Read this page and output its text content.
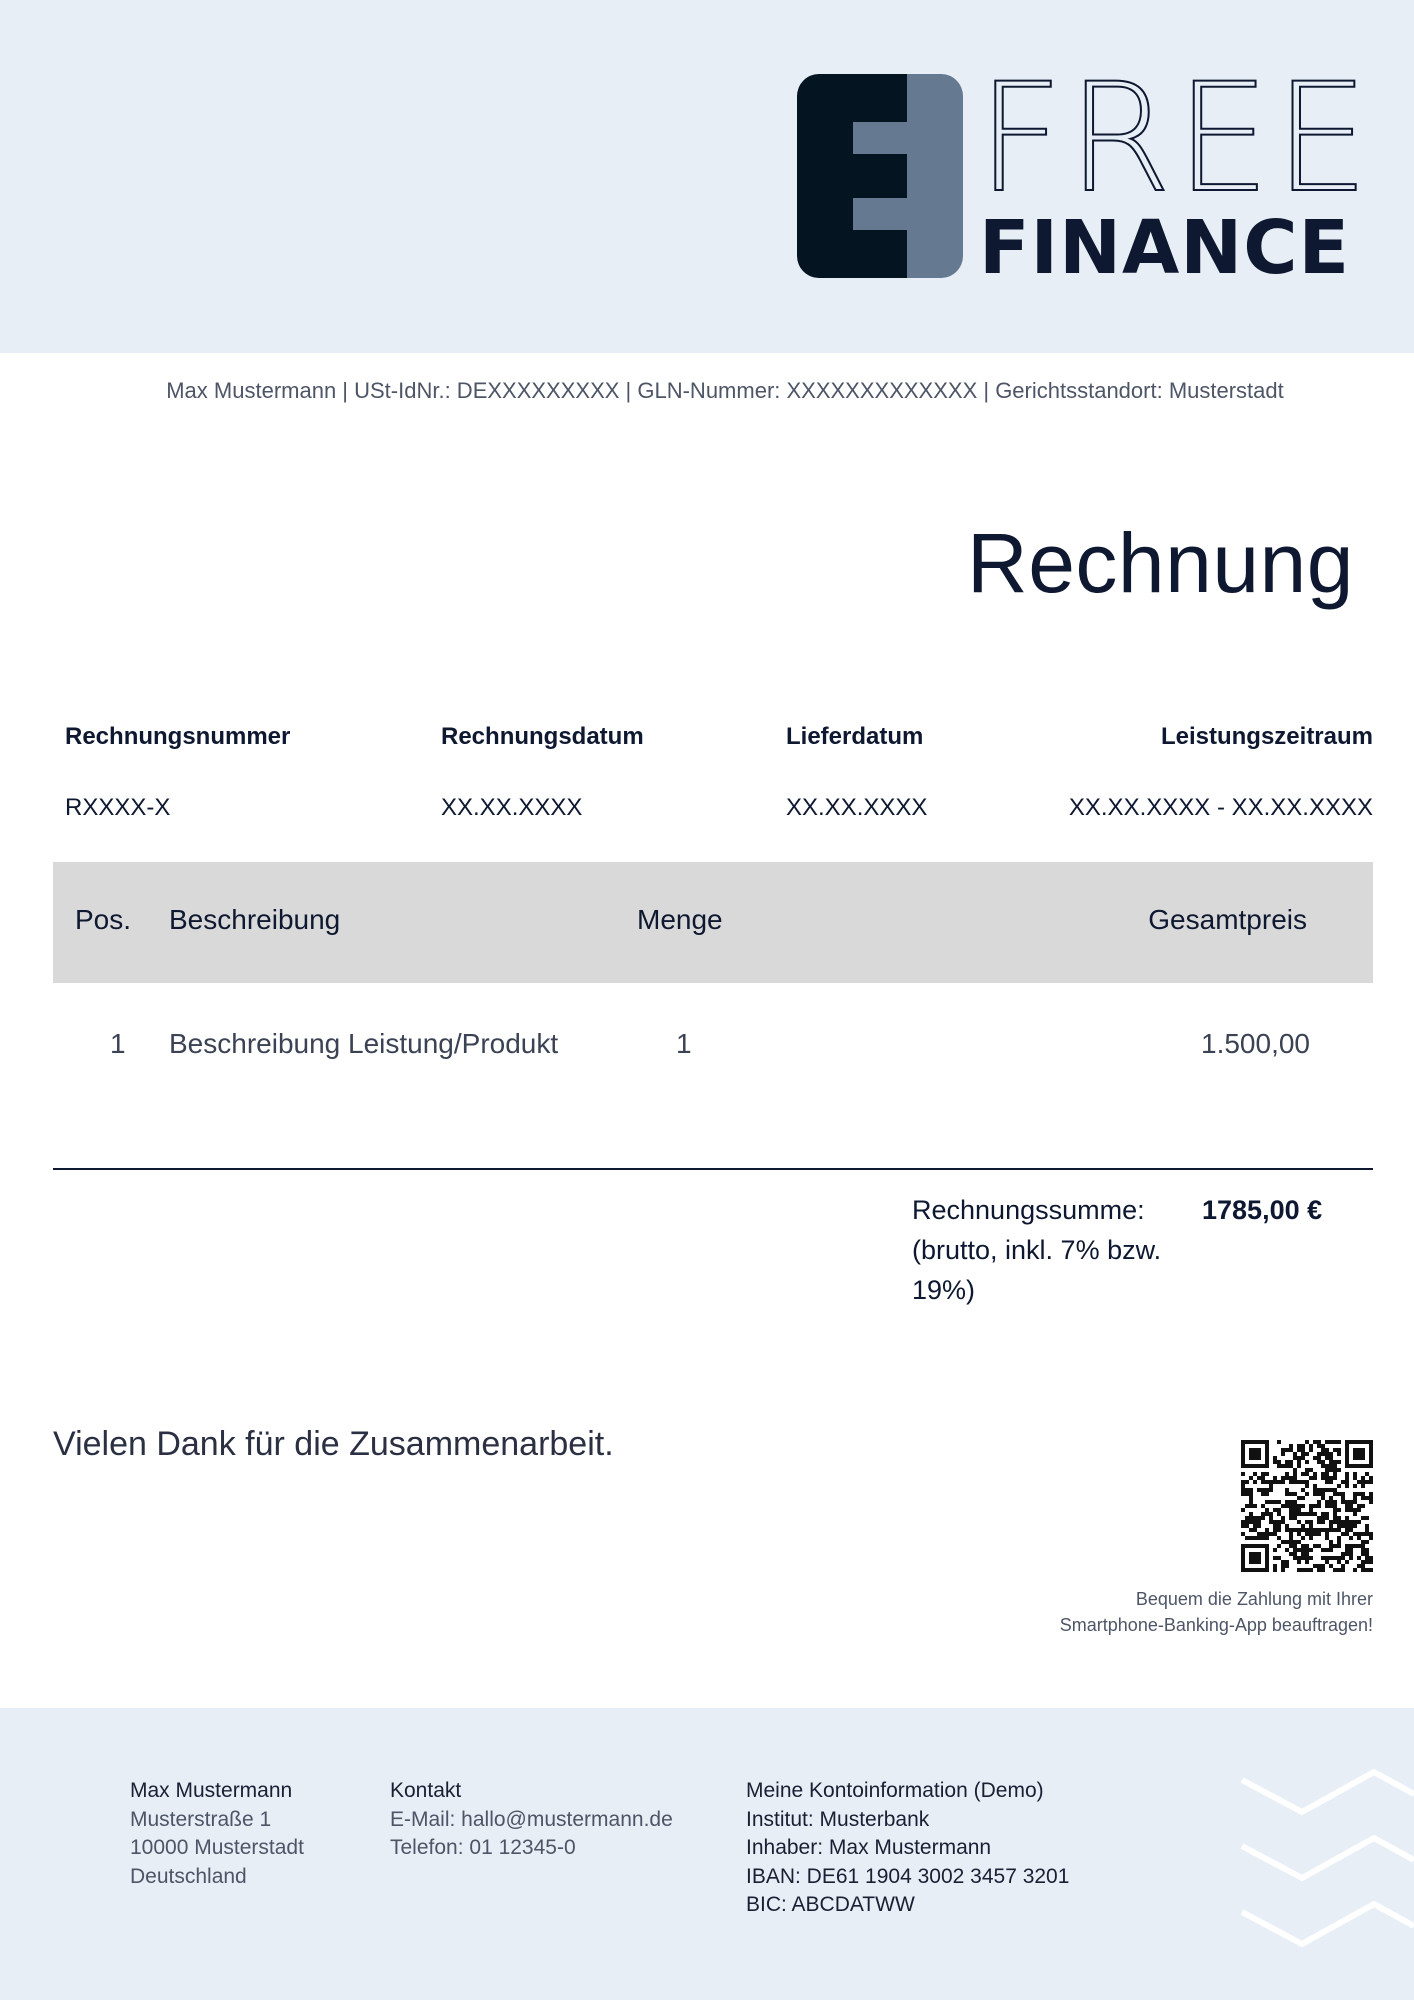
FREE
FINANCE
Max Mustermann | USt-IdNr.: DEXXXXXXXXX | GLN-Nummer: XXXXXXXXXXXXX | Gerichtsstandort: Musterstadt
Rechnung
Rechnungsnummer	Rechnungsdatum	Lieferdatum	Leistungszeitraum
RXXXX-X	XX.XX.XXXX	XX.XX.XXXX	XX.XX.XXXX - XX.XX.XXXX
Pos. Beschreibung	Menge	Gesamtpreis
1 Beschreibung Leistung/Produkt	1	1.500,00
Rechnungssumme:
(brutto, inkl. 7% bzw. 19%)
1785,00 €
Vielen Dank für die Zusammenarbeit.
Bequem die Zahlung mit Ihrer
Smartphone-Banking-App beauftragen!
Max Mustermann
Musterstraße 1
10000 Musterstadt
Deutschland
Kontakt
E-Mail: hallo@mustermann.de
Telefon: 01 12345-0
Meine Kontoinformation (Demo)
Institut: Musterbank
Inhaber: Max Mustermann
IBAN: DE61 1904 3002 3457 3201
BIC: ABCDATWW
